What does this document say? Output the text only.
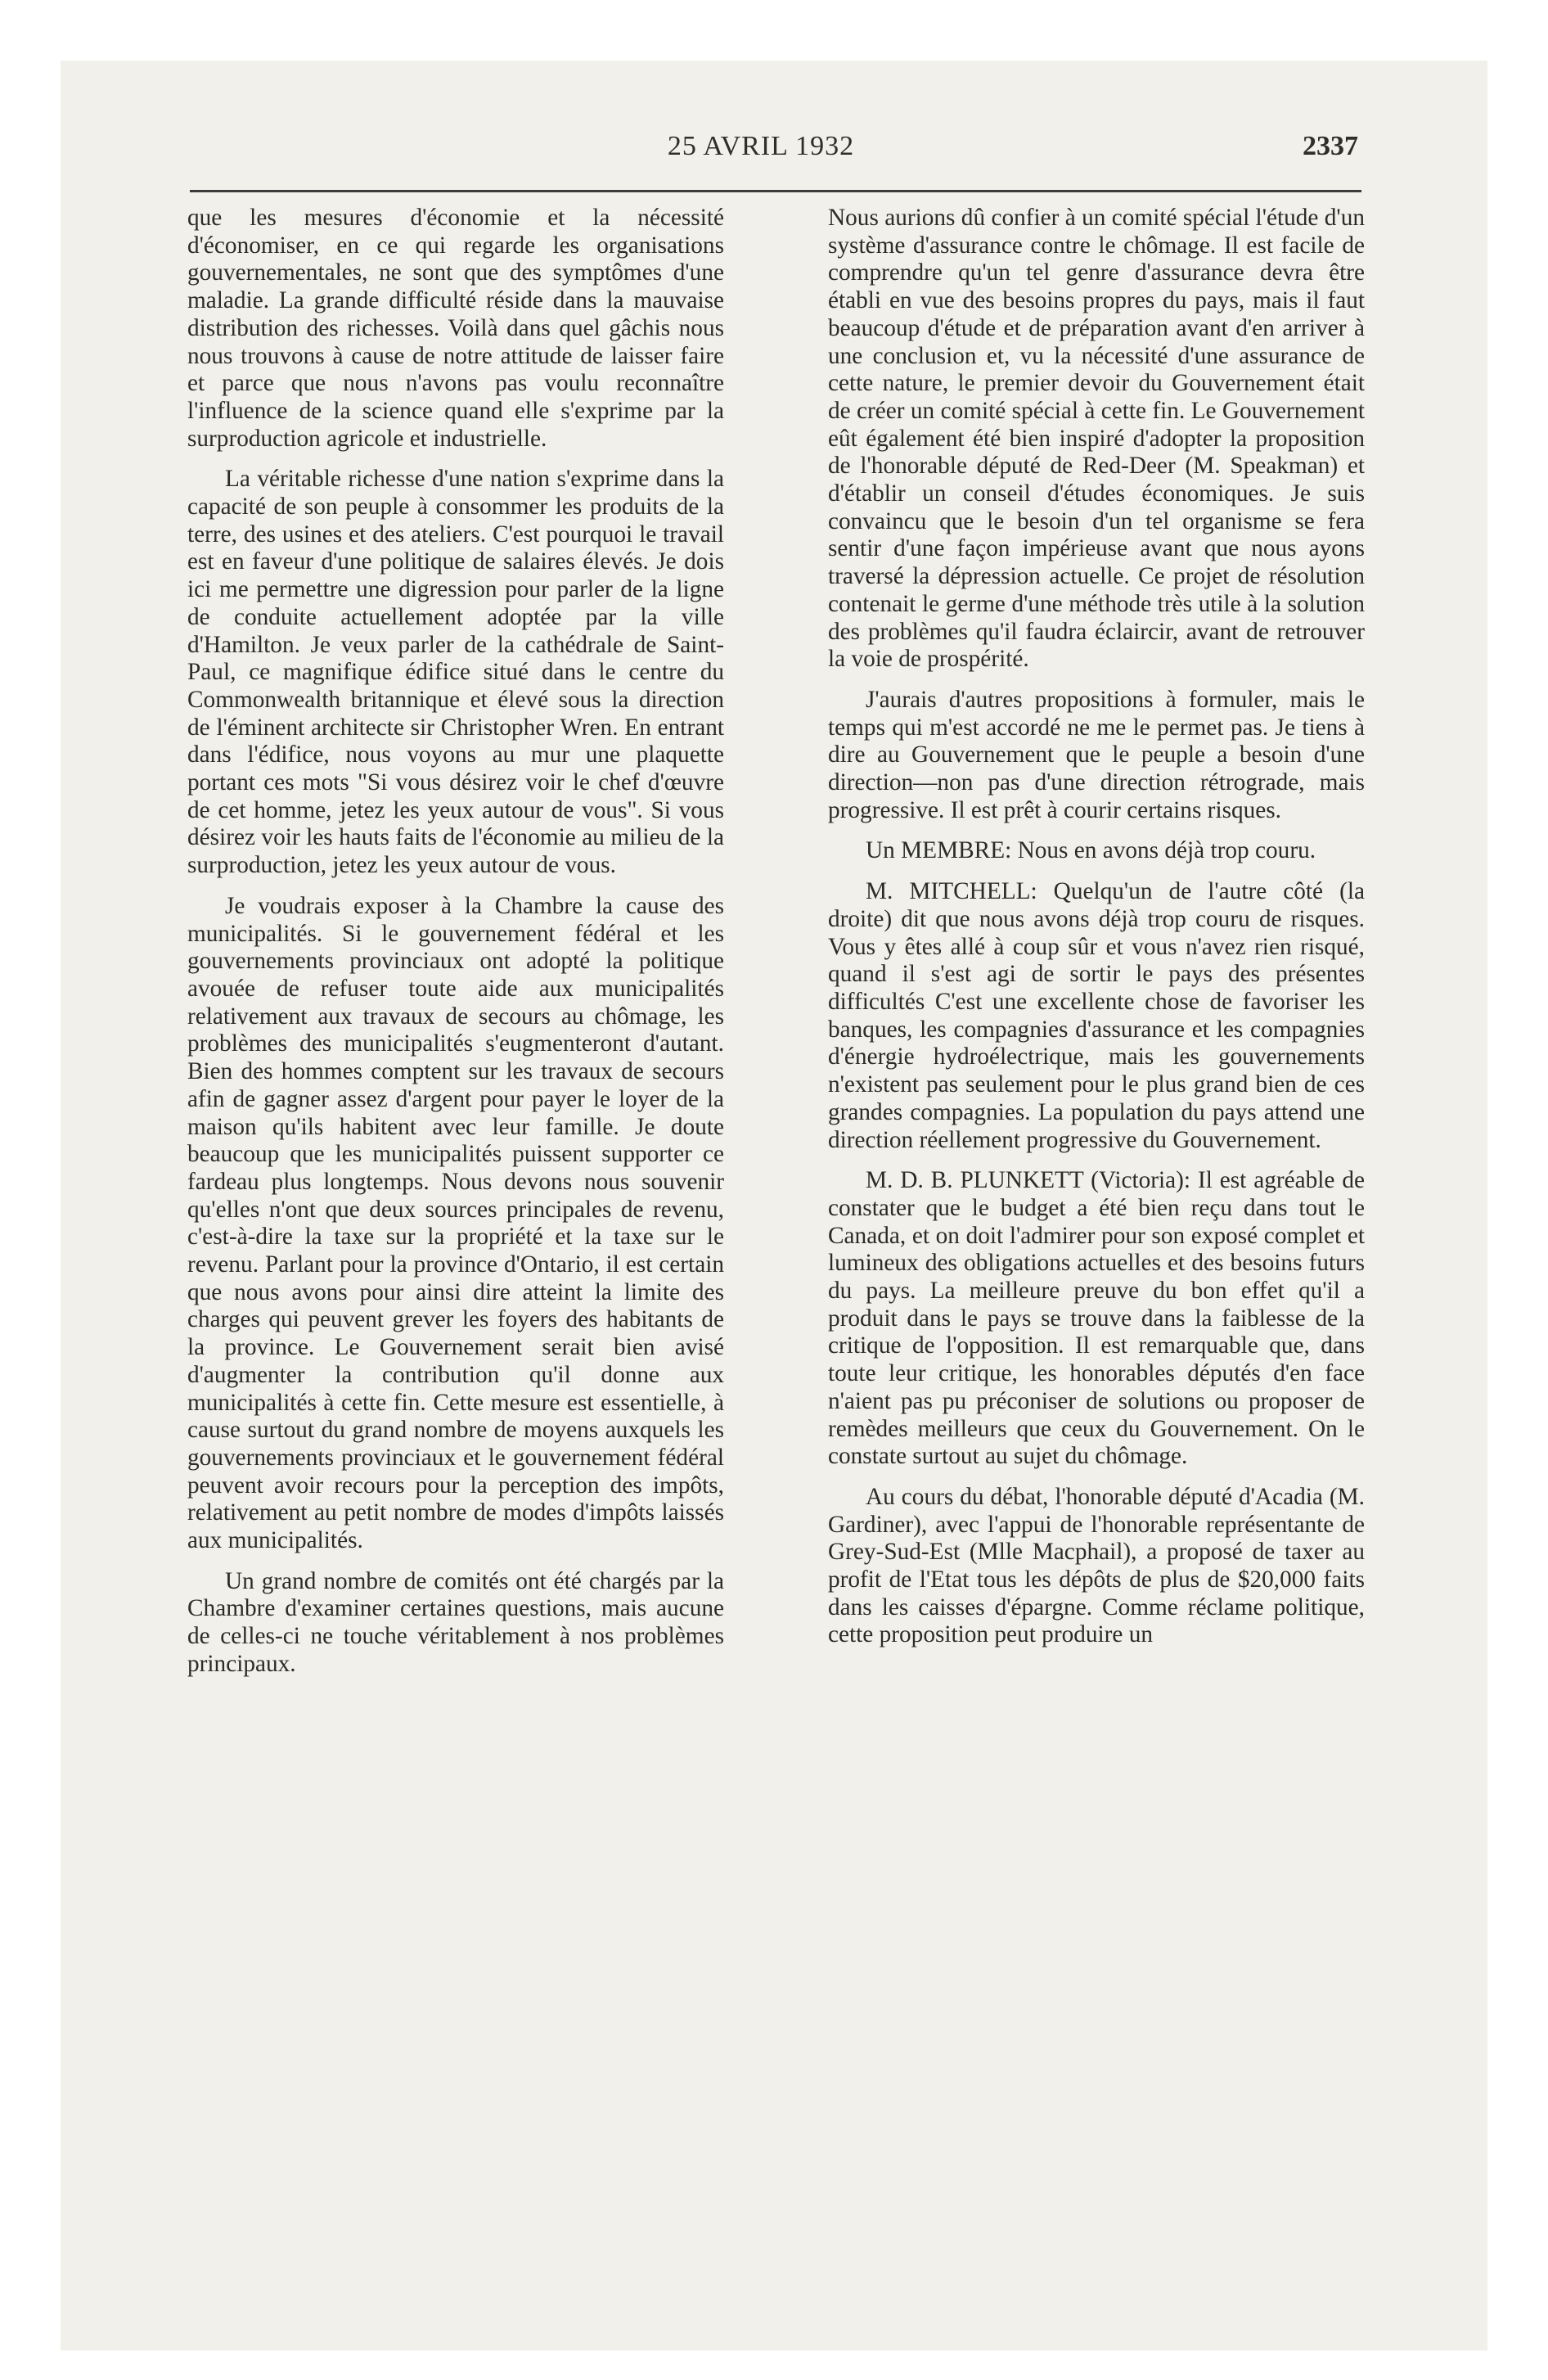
25 AVRIL 1932	2337

que les mesures d'économie et la nécessité d'économiser, en ce qui regarde les organisations gouvernementales, ne sont que des symptômes d'une maladie. La grande difficulté réside dans la mauvaise distribution des richesses. Voilà dans quel gâchis nous nous trouvons à cause de notre attitude de laisser faire et parce que nous n'avons pas voulu reconnaître l'influence de la science quand elle s'exprime par la surproduction agricole et industrielle.

La véritable richesse d'une nation s'exprime dans la capacité de son peuple à consommer les produits de la terre, des usines et des ateliers. C'est pourquoi le travail est en faveur d'une politique de salaires élevés. Je dois ici me permettre une digression pour parler de la ligne de conduite actuellement adoptée par la ville d'Hamilton. Je veux parler de la cathédrale de Saint-Paul, ce magnifique édifice situé dans le centre du Commonwealth britannique et élevé sous la direction de l'éminent architecte sir Christopher Wren. En entrant dans l'édifice, nous voyons au mur une plaquette portant ces mots "Si vous désirez voir le chef d'œuvre de cet homme, jetez les yeux autour de vous". Si vous désirez voir les hauts faits de l'économie au milieu de la surproduction, jetez les yeux autour de vous.

Je voudrais exposer à la Chambre la cause des municipalités. Si le gouvernement fédéral et les gouvernements provinciaux ont adopté la politique avouée de refuser toute aide aux municipalités relativement aux travaux de secours au chômage, les problèmes des municipalités s'eugmenteront d'autant. Bien des hommes comptent sur les travaux de secours afin de gagner assez d'argent pour payer le loyer de la maison qu'ils habitent avec leur famille. Je doute beaucoup que les municipalités puissent supporter ce fardeau plus longtemps. Nous devons nous souvenir qu'elles n'ont que deux sources principales de revenu, c'est-à-dire la taxe sur la propriété et la taxe sur le revenu. Parlant pour la province d'Ontario, il est certain que nous avons pour ainsi dire atteint la limite des charges qui peuvent grever les foyers des habitants de la province. Le Gouvernement serait bien avisé d'augmenter la contribution qu'il donne aux municipalités à cette fin. Cette mesure est essentielle, à cause surtout du grand nombre de moyens auxquels les gouvernements provinciaux et le gouvernement fédéral peuvent avoir recours pour la perception des impôts, relativement au petit nombre de modes d'impôts laissés aux municipalités.

Un grand nombre de comités ont été chargés par la Chambre d'examiner certaines questions, mais aucune de celles-ci ne touche véritablement à nos problèmes principaux.

Nous aurions dû confier à un comité spécial l'étude d'un système d'assurance contre le chômage. Il est facile de comprendre qu'un tel genre d'assurance devra être établi en vue des besoins propres du pays, mais il faut beaucoup d'étude et de préparation avant d'en arriver à une conclusion et, vu la nécessité d'une assurance de cette nature, le premier devoir du Gouvernement était de créer un comité spécial à cette fin. Le Gouvernement eût également été bien inspiré d'adopter la proposition de l'honorable député de Red-Deer (M. Speakman) et d'établir un conseil d'études économiques. Je suis convaincu que le besoin d'un tel organisme se fera sentir d'une façon impérieuse avant que nous ayons traversé la dépression actuelle. Ce projet de résolution contenait le germe d'une méthode très utile à la solution des problèmes qu'il faudra éclaircir, avant de retrouver la voie de prospérité.

J'aurais d'autres propositions à formuler, mais le temps qui m'est accordé ne me le permet pas. Je tiens à dire au Gouvernement que le peuple a besoin d'une direction—non pas d'une direction rétrograde, mais progressive. Il est prêt à courir certains risques.

Un MEMBRE: Nous en avons déjà trop couru.

M. MITCHELL: Quelqu'un de l'autre côté (la droite) dit que nous avons déjà trop couru de risques. Vous y êtes allé à coup sûr et vous n'avez rien risqué, quand il s'est agi de sortir le pays des présentes difficultés C'est une excellente chose de favoriser les banques, les compagnies d'assurance et les compagnies d'énergie hydroélectrique, mais les gouvernements n'existent pas seulement pour le plus grand bien de ces grandes compagnies. La population du pays attend une direction réellement progressive du Gouvernement.

M. D. B. PLUNKETT (Victoria): Il est agréable de constater que le budget a été bien reçu dans tout le Canada, et on doit l'admirer pour son exposé complet et lumineux des obligations actuelles et des besoins futurs du pays. La meilleure preuve du bon effet qu'il a produit dans le pays se trouve dans la faiblesse de la critique de l'opposition. Il est remarquable que, dans toute leur critique, les honorables députés d'en face n'aient pas pu préconiser de solutions ou proposer de remèdes meilleurs que ceux du Gouvernement. On le constate surtout au sujet du chômage.

Au cours du débat, l'honorable député d'Acadia (M. Gardiner), avec l'appui de l'honorable représentante de Grey-Sud-Est (Mlle Macphail), a proposé de taxer au profit de l'Etat tous les dépôts de plus de $20,000 faits dans les caisses d'épargne. Comme réclame politique, cette proposition peut produire un
